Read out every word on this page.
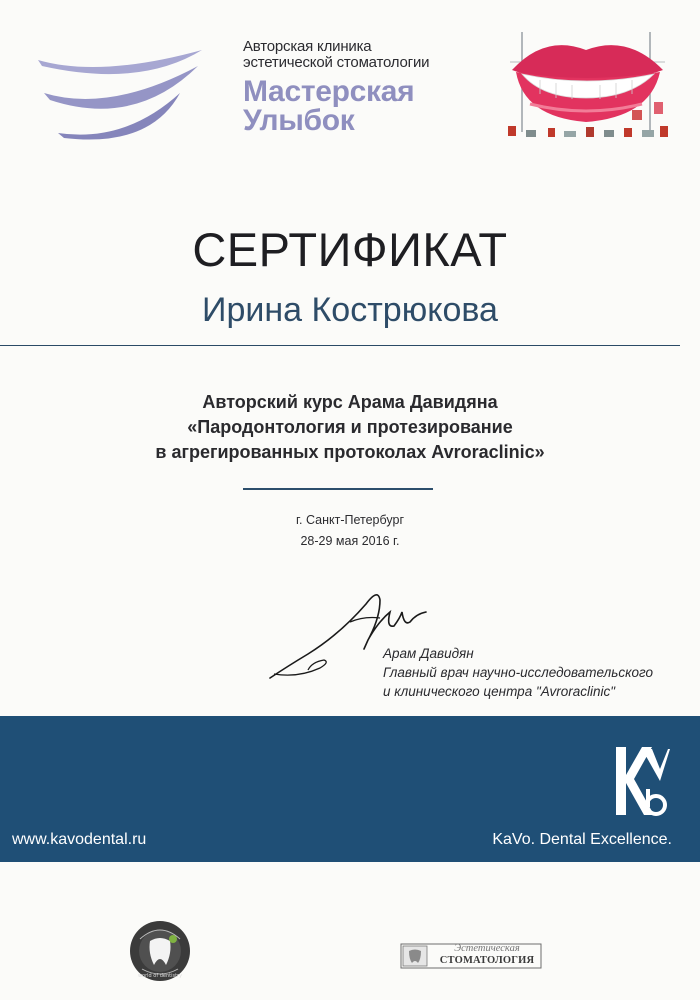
Авторская клиника
эстетической стоматологии
Мастерская
Улыбок
СЕРТИФИКАТ
Ирина Кострюкова
Авторский курс Арама Давидяна
«Пародонтология и протезирование
в агрегированных протоколах Avroraclinic»
г. Санкт-Петербург
28-29 мая 2016 г.
Арам Давидян
Главный врач научно-исследовательского
и клинического центра "Avroraclinic"
www.kavodental.ru	KaVo. Dental Excellence.
world of dentistry
Эстетическая
СТОМАТОЛОГИЯ
